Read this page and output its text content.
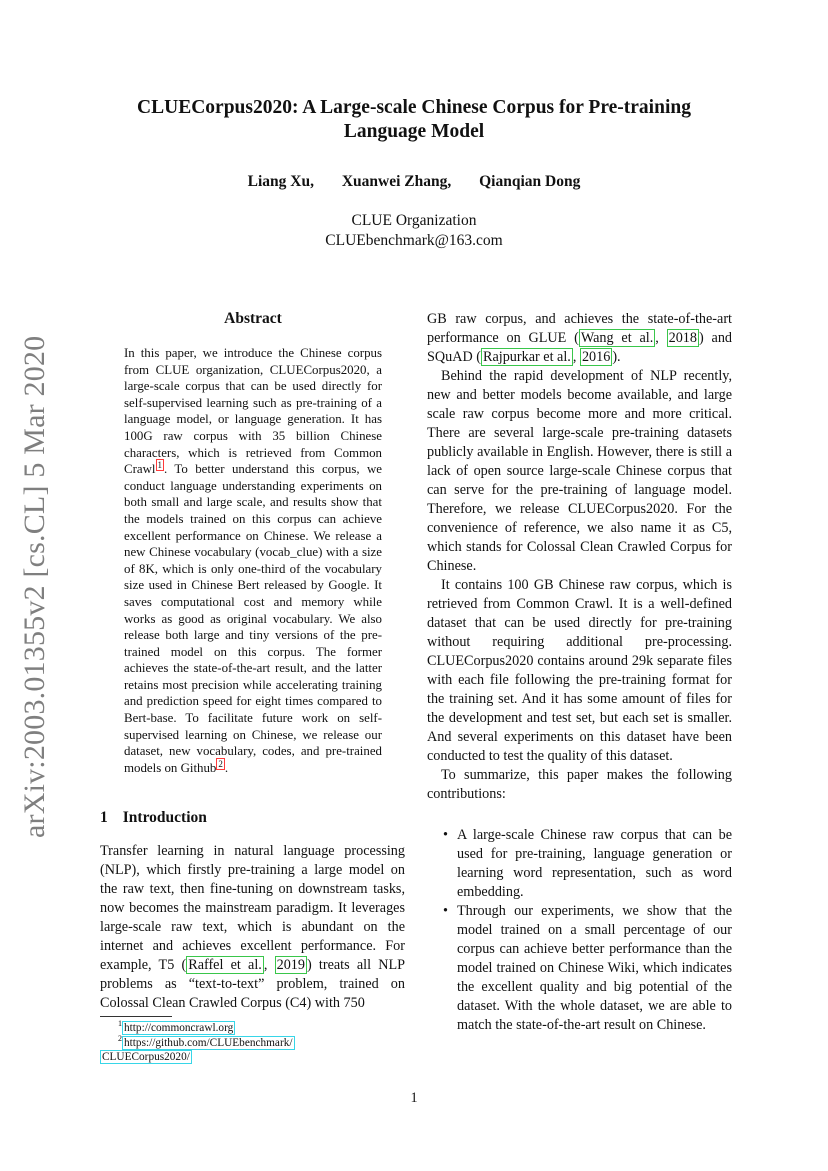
arXiv:2003.01355v2 [cs.CL] 5 Mar 2020
CLUECorpus2020: A Large-scale Chinese Corpus for Pre-training
Language Model
Liang Xu, Xuanwei Zhang, Qianqian Dong
CLUE Organization
CLUEbenchmark@163.com
Abstract
In this paper, we introduce the Chinese corpus from CLUE organization, CLUECorpus2020, a large-scale corpus that can be used directly for self-supervised learning such as pre-training of a language model, or language generation. It has 100G raw corpus with 35 billion Chinese characters, which is retrieved from Common Crawl $^1$ . To better understand this corpus, we conduct language understanding experiments on both small and large scale, and results show that the models trained on this corpus can achieve excellent performance on Chinese. We release a new Chinese vocabulary (vocab_clue) with a size of 8K, which is only one-third of the vocabulary size used in Chinese Bert released by Google. It saves computational cost and memory while works as good as original vocabulary. We also release both large and tiny versions of the pre-trained model on this corpus. The former achieves the state-of-the-art result, and the latter retains most precision while accelerating training and prediction speed for eight times compared to Bert-base. To facilitate future work on self-supervised learning on Chinese, we release our dataset, new vocabulary, codes, and pre-trained models on Github $^2$ .
1 Introduction
Transfer learning in natural language processing (NLP), which firstly pre-training a large model on the raw text, then fine-tuning on downstream tasks, now becomes the mainstream paradigm. It leverages large-scale raw text, which is abundant on the internet and achieves excellent performance. For example, T5 ( Raffel et al. , 2019 ) treats all NLP problems as “text-to-text” problem, trained on Colossal Clean Crawled Corpus (C4) with 750

GB raw corpus, and achieves the state-of-the-art performance on GLUE ( Wang et al. , 2018 ) and SQuAD ( Rajpurkar et al. , 2016 ).

Behind the rapid development of NLP recently, new and better models become available, and large scale raw corpus become more and more critical. There are several large-scale pre-training datasets publicly available in English. However, there is still a lack of open source large-scale Chinese corpus that can serve for the pre-training of language model. Therefore, we release CLUECorpus2020. For the convenience of reference, we also name it as C5, which stands for Colossal Clean Crawled Corpus for Chinese.

It contains 100 GB Chinese raw corpus, which is retrieved from Common Crawl. It is a well-defined dataset that can be used directly for pre-training without requiring additional pre-processing. CLUECorpus2020 contains around 29k separate files with each file following the pre-training format for the training set. And it has some amount of files for the development and test set, but each set is smaller. And several experiments on this dataset have been conducted to test the quality of this dataset.

To summarize, this paper makes the following contributions:

• A large-scale Chinese raw corpus that can be used for pre-training, language generation or learning word representation, such as word embedding.
• Through our experiments, we show that the model trained on a small percentage of our corpus can achieve better performance than the model trained on Chinese Wiki, which indicates the excellent quality and big potential of the dataset. With the whole dataset, we are able to match the state-of-the-art result on Chinese.
$^1$ http://commoncrawl.org
$^2$ https://github.com/CLUEbenchmark/
CLUECorpus2020/
1
